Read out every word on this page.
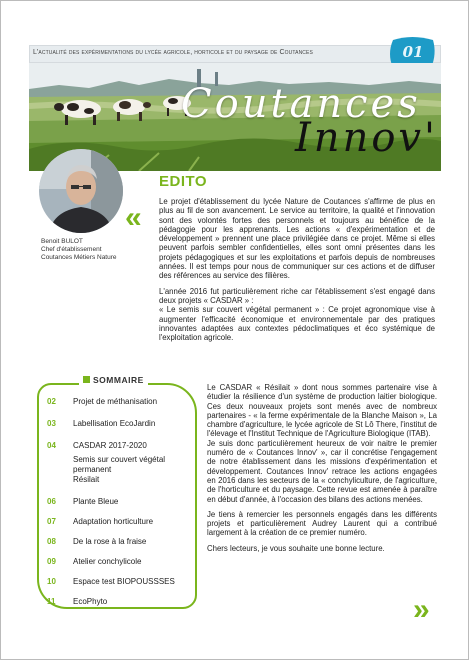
L'actualité des expérimentations du lycée agricole, horticole et du paysage de Coutances	01
Coutances
Innov'
Benoit BULOT
Chef d'établissement
Coutances Métiers Nature
EDITO
« Le projet d'établissement du lycée Nature de Coutances s'affirme de plus en plus au fil de son avancement. Le service au territoire, la qualité et l'innovation sont des volontés fortes des personnels et toujours au bénéfice de la pédagogie pour les apprenants. Les actions « d'expérimentation et de développement » prennent une place privilégiée dans ce projet. Même si elles peuvent parfois sembler confidentielles, elles sont omni présentes dans les projets pédagogiques et sur les exploitations et parfois depuis de nombreuses années. Il est temps pour nous de communiquer sur ces actions et de diffuser des références au service des filières.

L'année 2016 fut particulièrement riche car l'établissement s'est engagé dans deux projets « CASDAR » :

« Le semis sur couvert végétal permanent » : Ce projet agronomique vise à augmenter l'efficacité économique et environnementale par des pratiques innovantes adaptées aux contextes pédoclimatiques et éco systémique de l'exploitation agricole.

Le CASDAR « Résilait » dont nous sommes partenaire vise à étudier la résilience d'un système de production laitier biologique. Ces deux nouveaux projets sont menés avec de nombreux partenaires - « la ferme expérimentale de la Blanche Maison », La chambre d'agriculture, le lycée agricole de St Lô There, l'institut de l'élevage et l'Institut Technique de l'Agriculture Biologique (ITAB).

Je suis donc particulièrement heureux de voir naitre le premier numéro de « Coutances Innov' », car il concrétise l'engagement de notre établissement dans les missions d'expérimentation et développement. Coutances Innov' retrace les actions engagées en 2016 dans les secteurs de la « conchyliculture, de l'agriculture, de l'horticulture et du paysage. Cette revue est amenée à paraître en début d'année, à l'occasion des bilans des actions menées.

Je tiens à remercier les personnels engagés dans les différents projets et particulièrement Audrey Laurent qui a contribué largement à la création de ce premier numéro.

Chers lecteurs, je vous souhaite une bonne lecture.

»
SOMMAIRE
02	Projet de méthanisation
03	Labellisation EcoJardin
04	CASDAR 2017-2020
Semis sur couvert végétal
permanent
Résilait
06	Plante Bleue
07	Adaptation horticulture
08	De la rose à la fraise
09	Atelier conchylicole
10	Espace test BIOPOUSSSES
11	EcoPhyto
